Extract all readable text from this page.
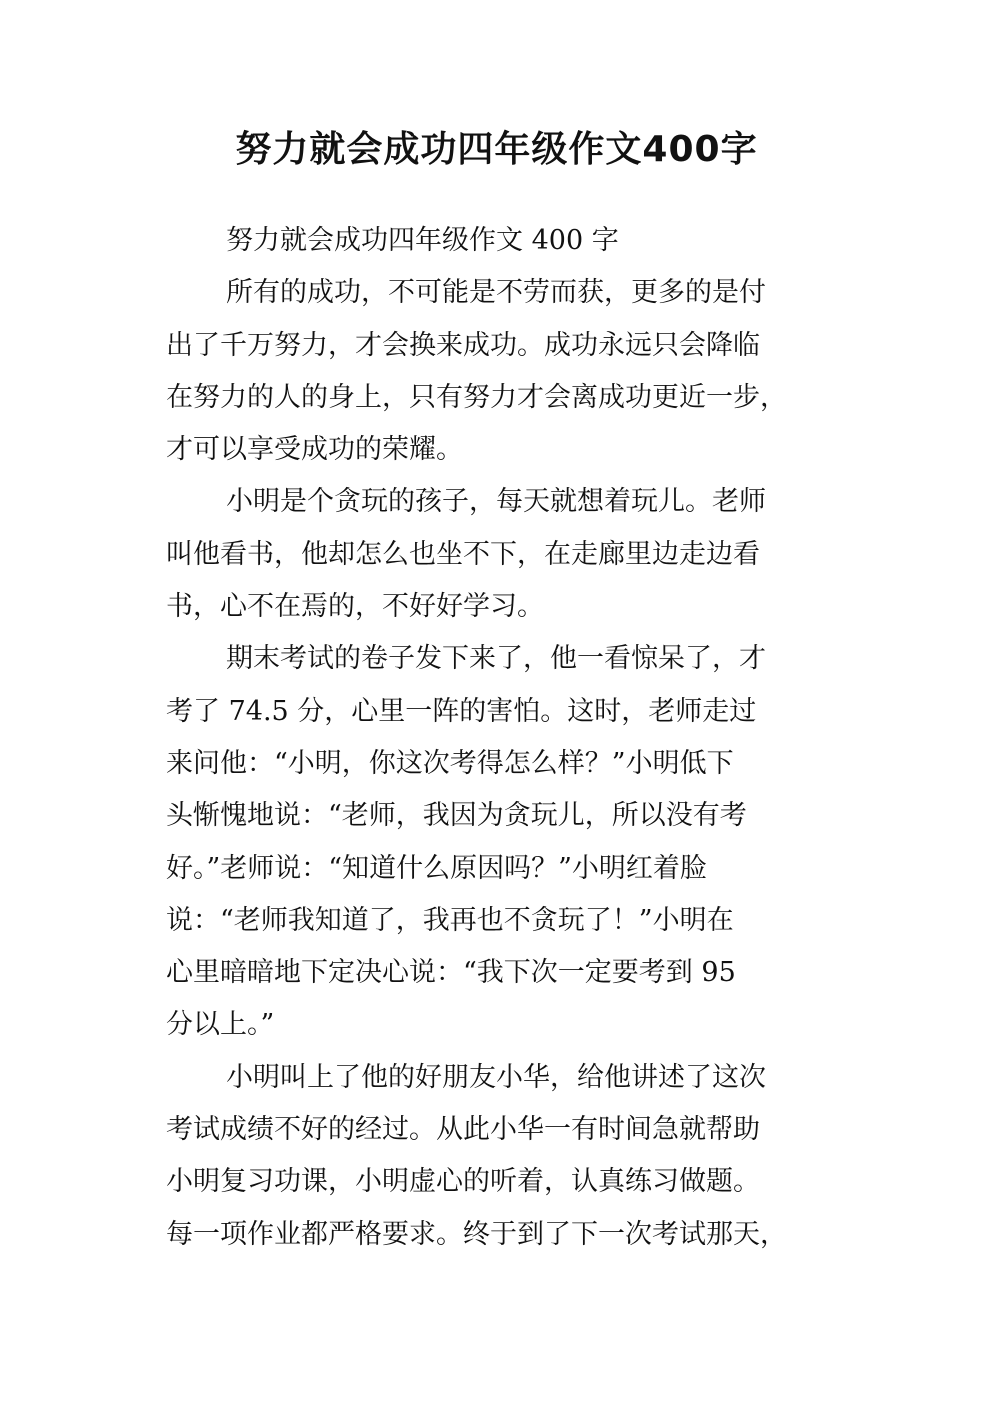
努力就会成功四年级作文400字
努力就会成功四年级作文 400 字
所有的成功，不可能是不劳而获，更多的是付
出了千万努力，才会换来成功。成功永远只会降临
在努力的人的身上，只有努力才会离成功更近一步，
才可以享受成功的荣耀。
小明是个贪玩的孩子，每天就想着玩儿。老师
叫他看书，他却怎么也坐不下，在走廊里边走边看
书，心不在焉的，不好好学习。
期末考试的卷子发下来了，他一看惊呆了，才
考了 74.5 分，心里一阵的害怕。这时，老师走过
来问他：“小明，你这次考得怎么样？”小明低下
头惭愧地说：“老师，我因为贪玩儿，所以没有考
好。”老师说：“知道什么原因吗？”小明红着脸
说：“老师我知道了，我再也不贪玩了！”小明在
心里暗暗地下定决心说：“我下次一定要考到 95
分以上。”
小明叫上了他的好朋友小华，给他讲述了这次
考试成绩不好的经过。从此小华一有时间急就帮助
小明复习功课，小明虚心的听着，认真练习做题。
每一项作业都严格要求。终于到了下一次考试那天，
